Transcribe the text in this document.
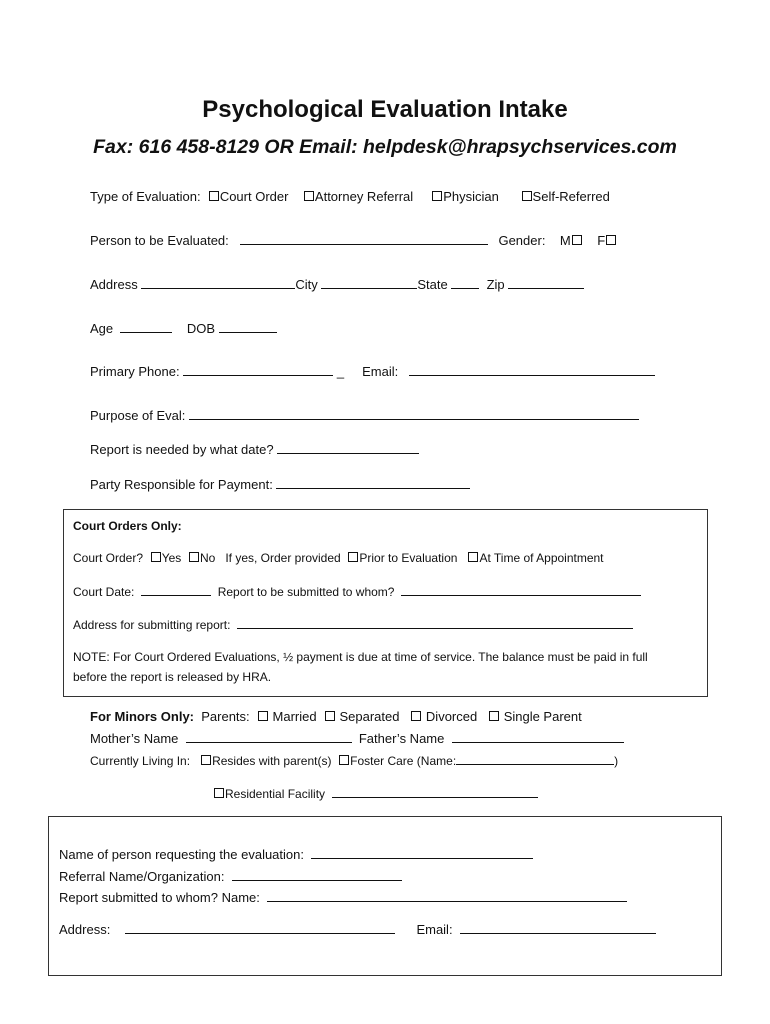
Psychological Evaluation Intake
Fax: 616 458-8129 OR Email: helpdesk@hrapsychservices.com
Type of Evaluation: Court Order Attorney Referral Physician	Self-Referred
Person to be Evaluated:	Gender: M F
Address	City	State	Zip
Age	DOB
Primary Phone:	_ Email:
Purpose of Eval:
Report is needed by what date?
Party Responsible for Payment:
Court Orders Only:
Court Order? Yes No If yes, Order provided Prior to Evaluation At Time of Appointment
Court Date:	Report to be submitted to whom?
Address for submitting report:
NOTE: For Court Ordered Evaluations, ½ payment is due at time of service. The balance must be paid in full
before the report is released by HRA.
For Minors Only: Parents: Married Separated Divorced Single Parent
Mother’s Name	Father’s Name
Currently Living In: Resides with parent(s) Foster Care (Name:	)
Residential Facility
Name of person requesting the evaluation:
Referral Name/Organization:
Report submitted to whom? Name:
Address:	Email:
